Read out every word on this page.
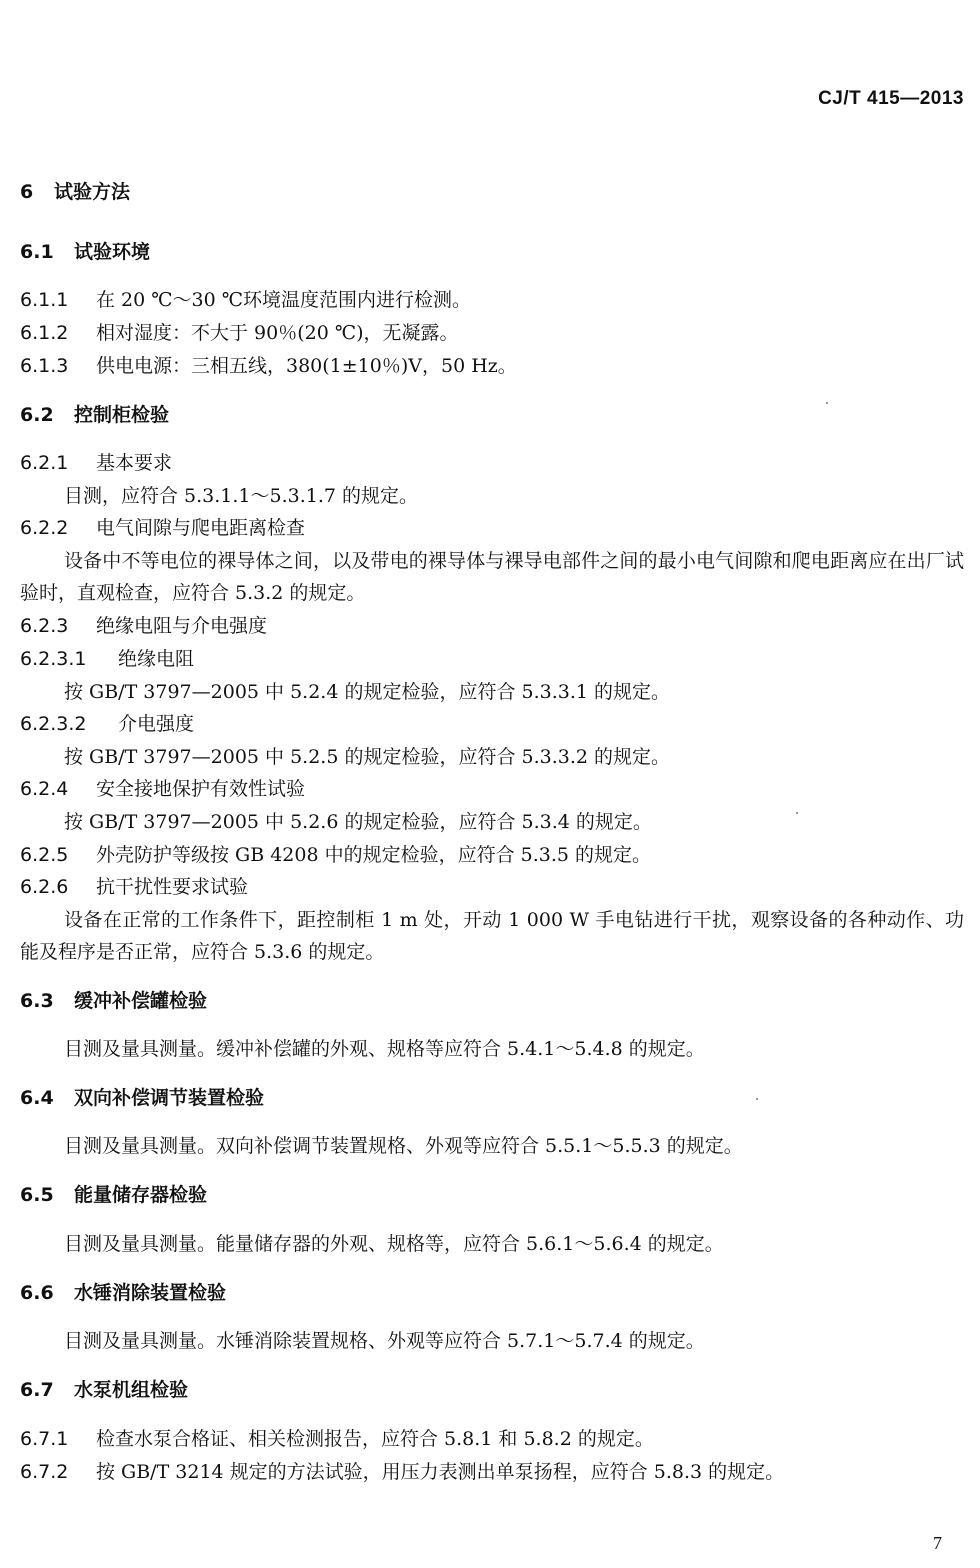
CJ/T 415—2013
6 试验方法
6.1 试验环境
6.1.1 在 20 ℃～30 ℃环境温度范围内进行检测。
6.1.2 相对湿度：不大于 90％(20 ℃)，无凝露。
6.1.3 供电电源：三相五线，380(1±10％)V，50 Hz。
6.2 控制柜检验
6.2.1 基本要求
目测，应符合 5.3.1.1～5.3.1.7 的规定。
6.2.2 电气间隙与爬电距离检查
设备中不等电位的裸导体之间，以及带电的裸导体与裸导电部件之间的最小电气间隙和爬电距离应在出厂试验时，直观检查，应符合 5.3.2 的规定。
6.2.3 绝缘电阻与介电强度
6.2.3.1 绝缘电阻
按 GB/T 3797—2005 中 5.2.4 的规定检验，应符合 5.3.3.1 的规定。
6.2.3.2 介电强度
按 GB/T 3797—2005 中 5.2.5 的规定检验，应符合 5.3.3.2 的规定。
6.2.4 安全接地保护有效性试验
按 GB/T 3797—2005 中 5.2.6 的规定检验，应符合 5.3.4 的规定。
6.2.5 外壳防护等级按 GB 4208 中的规定检验，应符合 5.3.5 的规定。
6.2.6 抗干扰性要求试验
设备在正常的工作条件下，距控制柜 1 m 处，开动 1 000 W 手电钻进行干扰，观察设备的各种动作、功能及程序是否正常，应符合 5.3.6 的规定。
6.3 缓冲补偿罐检验
目测及量具测量。缓冲补偿罐的外观、规格等应符合 5.4.1～5.4.8 的规定。
6.4 双向补偿调节装置检验
目测及量具测量。双向补偿调节装置规格、外观等应符合 5.5.1～5.5.3 的规定。
6.5 能量储存器检验
目测及量具测量。能量储存器的外观、规格等，应符合 5.6.1～5.6.4 的规定。
6.6 水锤消除装置检验
目测及量具测量。水锤消除装置规格、外观等应符合 5.7.1～5.7.4 的规定。
6.7 水泵机组检验
6.7.1 检查水泵合格证、相关检测报告，应符合 5.8.1 和 5.8.2 的规定。
6.7.2 按 GB/T 3214 规定的方法试验，用压力表测出单泵扬程，应符合 5.8.3 的规定。
7
